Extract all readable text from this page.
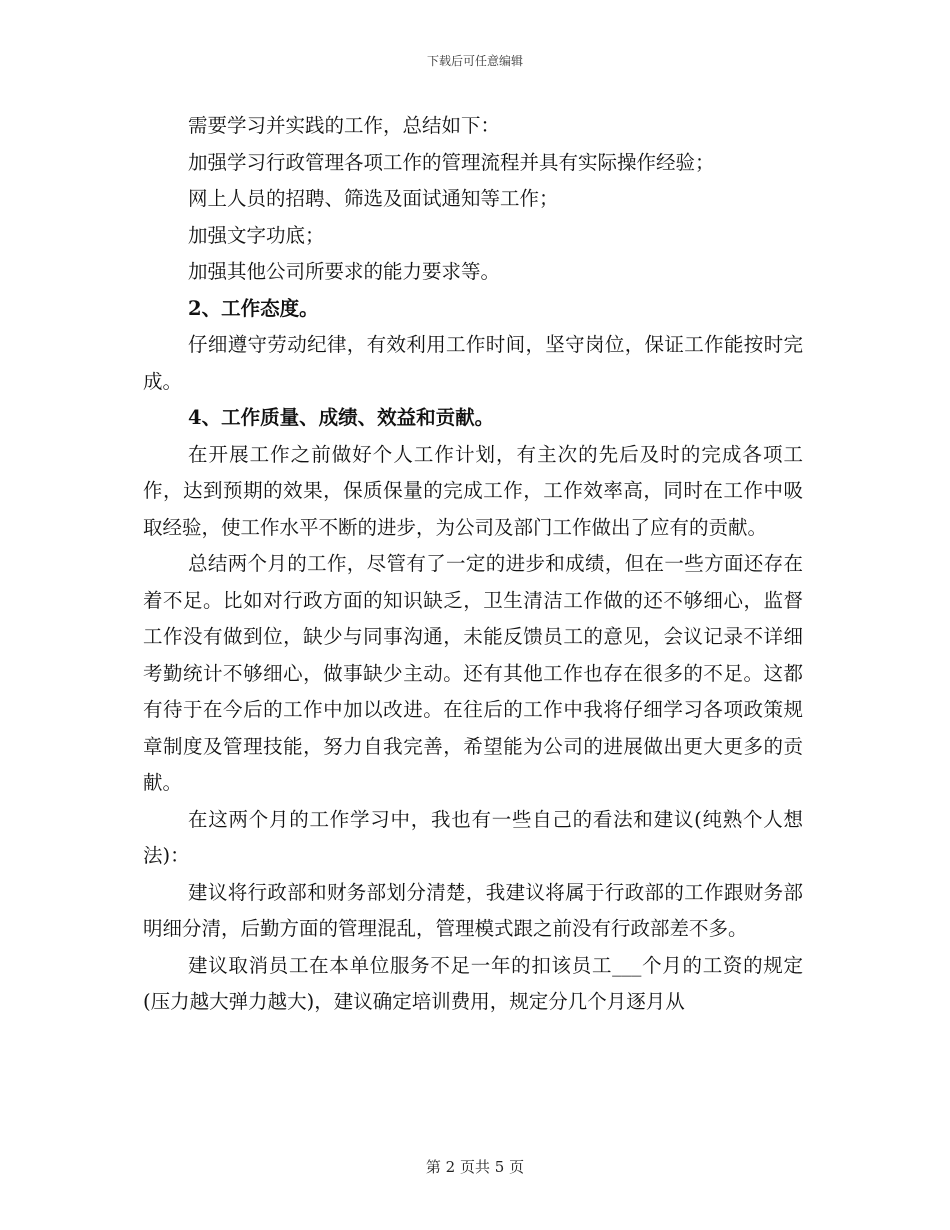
下载后可任意编辑

需要学习并实践的工作，总结如下：

加强学习行政管理各项工作的管理流程并具有实际操作经验；

网上人员的招聘、筛选及面试通知等工作；

加强文字功底；

加强其他公司所要求的能力要求等。

2、工作态度。

仔细遵守劳动纪律，有效利用工作时间，坚守岗位，保证工作能按时完成。

4、工作质量、成绩、效益和贡献。

在开展工作之前做好个人工作计划，有主次的先后及时的完成各项工作，达到预期的效果，保质保量的完成工作，工作效率高，同时在工作中吸取经验，使工作水平不断的进步，为公司及部门工作做出了应有的贡献。

总结两个月的工作，尽管有了一定的进步和成绩，但在一些方面还存在着不足。比如对行政方面的知识缺乏，卫生清洁工作做的还不够细心，监督工作没有做到位，缺少与同事沟通，未能反馈员工的意见，会议记录不详细考勤统计不够细心，做事缺少主动。还有其他工作也存在很多的不足。这都有待于在今后的工作中加以改进。在往后的工作中我将仔细学习各项政策规章制度及管理技能，努力自我完善，希望能为公司的进展做出更大更多的贡献。

在这两个月的工作学习中，我也有一些自己的看法和建议(纯熟个人想法)：

建议将行政部和财务部划分清楚，我建议将属于行政部的工作跟财务部明细分清，后勤方面的管理混乱，管理模式跟之前没有行政部差不多。

建议取消员工在本单位服务不足一年的扣该员工___个月的工资的规定(压力越大弹力越大)，建议确定培训费用，规定分几个月逐月从

第 2 页共 5 页
